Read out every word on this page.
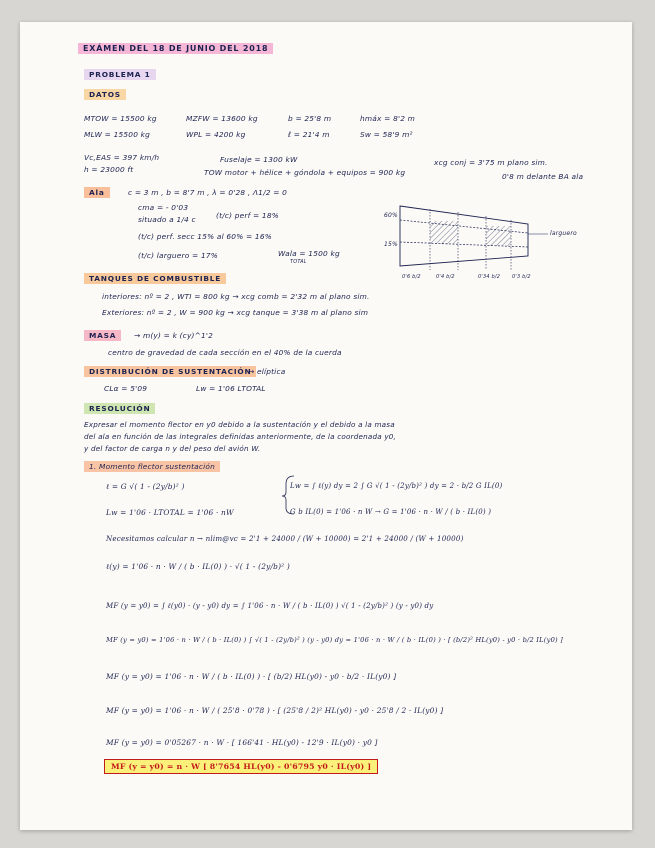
EXÁMEN DEL 18 DE JUNIO DEL 2018
PROBLEMA 1
DATOS
MTOW = 15500 kg	MZFW = 13600 kg	b = 25'8 m	hmáx = 8'2 m
MLW = 15500 kg	WPL = 4200 kg	ℓ = 21'4 m	Sw = 58'9 m²
Vc,EAS = 397 km/h
h = 23000 ft
Fuselaje = 1300 kW
TOW motor + hélice + góndola + equipos = 900 kg
xcg conj = 3'75 m plano sim.
0'8 m delante BA ala
Ala	c = 3 m , b = 8'7 m , λ = 0'28 , Λ1/2 = 0
cma = - 0'03
situado a 1/4 c	(t/c) perf = 18%
(t/c) perf. secc 15% al 60% = 16%
(t/c) larguero = 17%	Wala = 1500 kg
TOTAL
60%
15%
larguero
0'6 b/2	0'4 b/2	0'34 b/2 0'3 b/2
TANQUES DE COMBUSTIBLE
interiores: nº = 2 , WTI = 800 kg → xcg comb = 2'32 m al plano sim.
Exteriores: nº = 2 , W = 900 kg → xcg tanque = 3'38 m al plano sim
MASA	→ m(y) = k (cy)^1'2
centro de gravedad de cada sección en el 40% de la cuerda
DISTRIBUCIÓN DE SUSTENTACIÓN
→ elíptica
CLα = 5'09	Lw = 1'06 LTOTAL
RESOLUCIÓN
Expresar el momento flector en y0 debido a la sustentación y el debido a la masa
del ala en función de las integrales definidas anteriormente, de la coordenada y0,
y del factor de carga n y del peso del avión W.
1. Momento flector sustentación
ℓ = G √( 1 - (2y/b)² )	Lw = ∫ ℓ(y) dy = 2 ∫ G √( 1 - (2y/b)² ) dy = 2 · b/2 G IL(0)
Lw = 1'06 · LTOTAL = 1'06 · nW	G b IL(0) = 1'06 · n W → G = 1'06 · n · W / ( b · IL(0) )
Necesitamos calcular n → nlim@vc = 2'1 + 24000 / (W + 10000) = 2'1 + 24000 / (W + 10000)
ℓ(y) = 1'06 · n · W / ( b · IL(0) ) · √( 1 - (2y/b)² )
MF (y = y0) = ∫ ℓ(y0) · (y - y0) dy = ∫ 1'06 · n · W / ( b · IL(0) ) √( 1 - (2y/b)² ) (y - y0) dy
MF (y = y0) = 1'06 · n · W / ( b · IL(0) ) ∫ √( 1 - (2y/b)² ) (y - y0) dy = 1'06 · n · W / ( b · IL(0) ) · [ (b/2)² HL(y0) - y0 · b/2 IL(y0) ]
MF (y = y0) = 1'06 · n · W / ( b · IL(0) ) · [ (b/2) HL(y0) - y0 · b/2 · IL(y0) ]
MF (y = y0) = 1'06 · n · W / ( 25'8 · 0'78 ) · [ (25'8 / 2)² HL(y0) - y0 · 25'8 / 2 · IL(y0) ]
MF (y = y0) = 0'05267 · n · W · [ 166'41 · HL(y0) - 12'9 · IL(y0) · y0 ]
MF (y = y0) = n · W [ 8'7654 HL(y0) - 0'6795 y0 · IL(y0) ]
